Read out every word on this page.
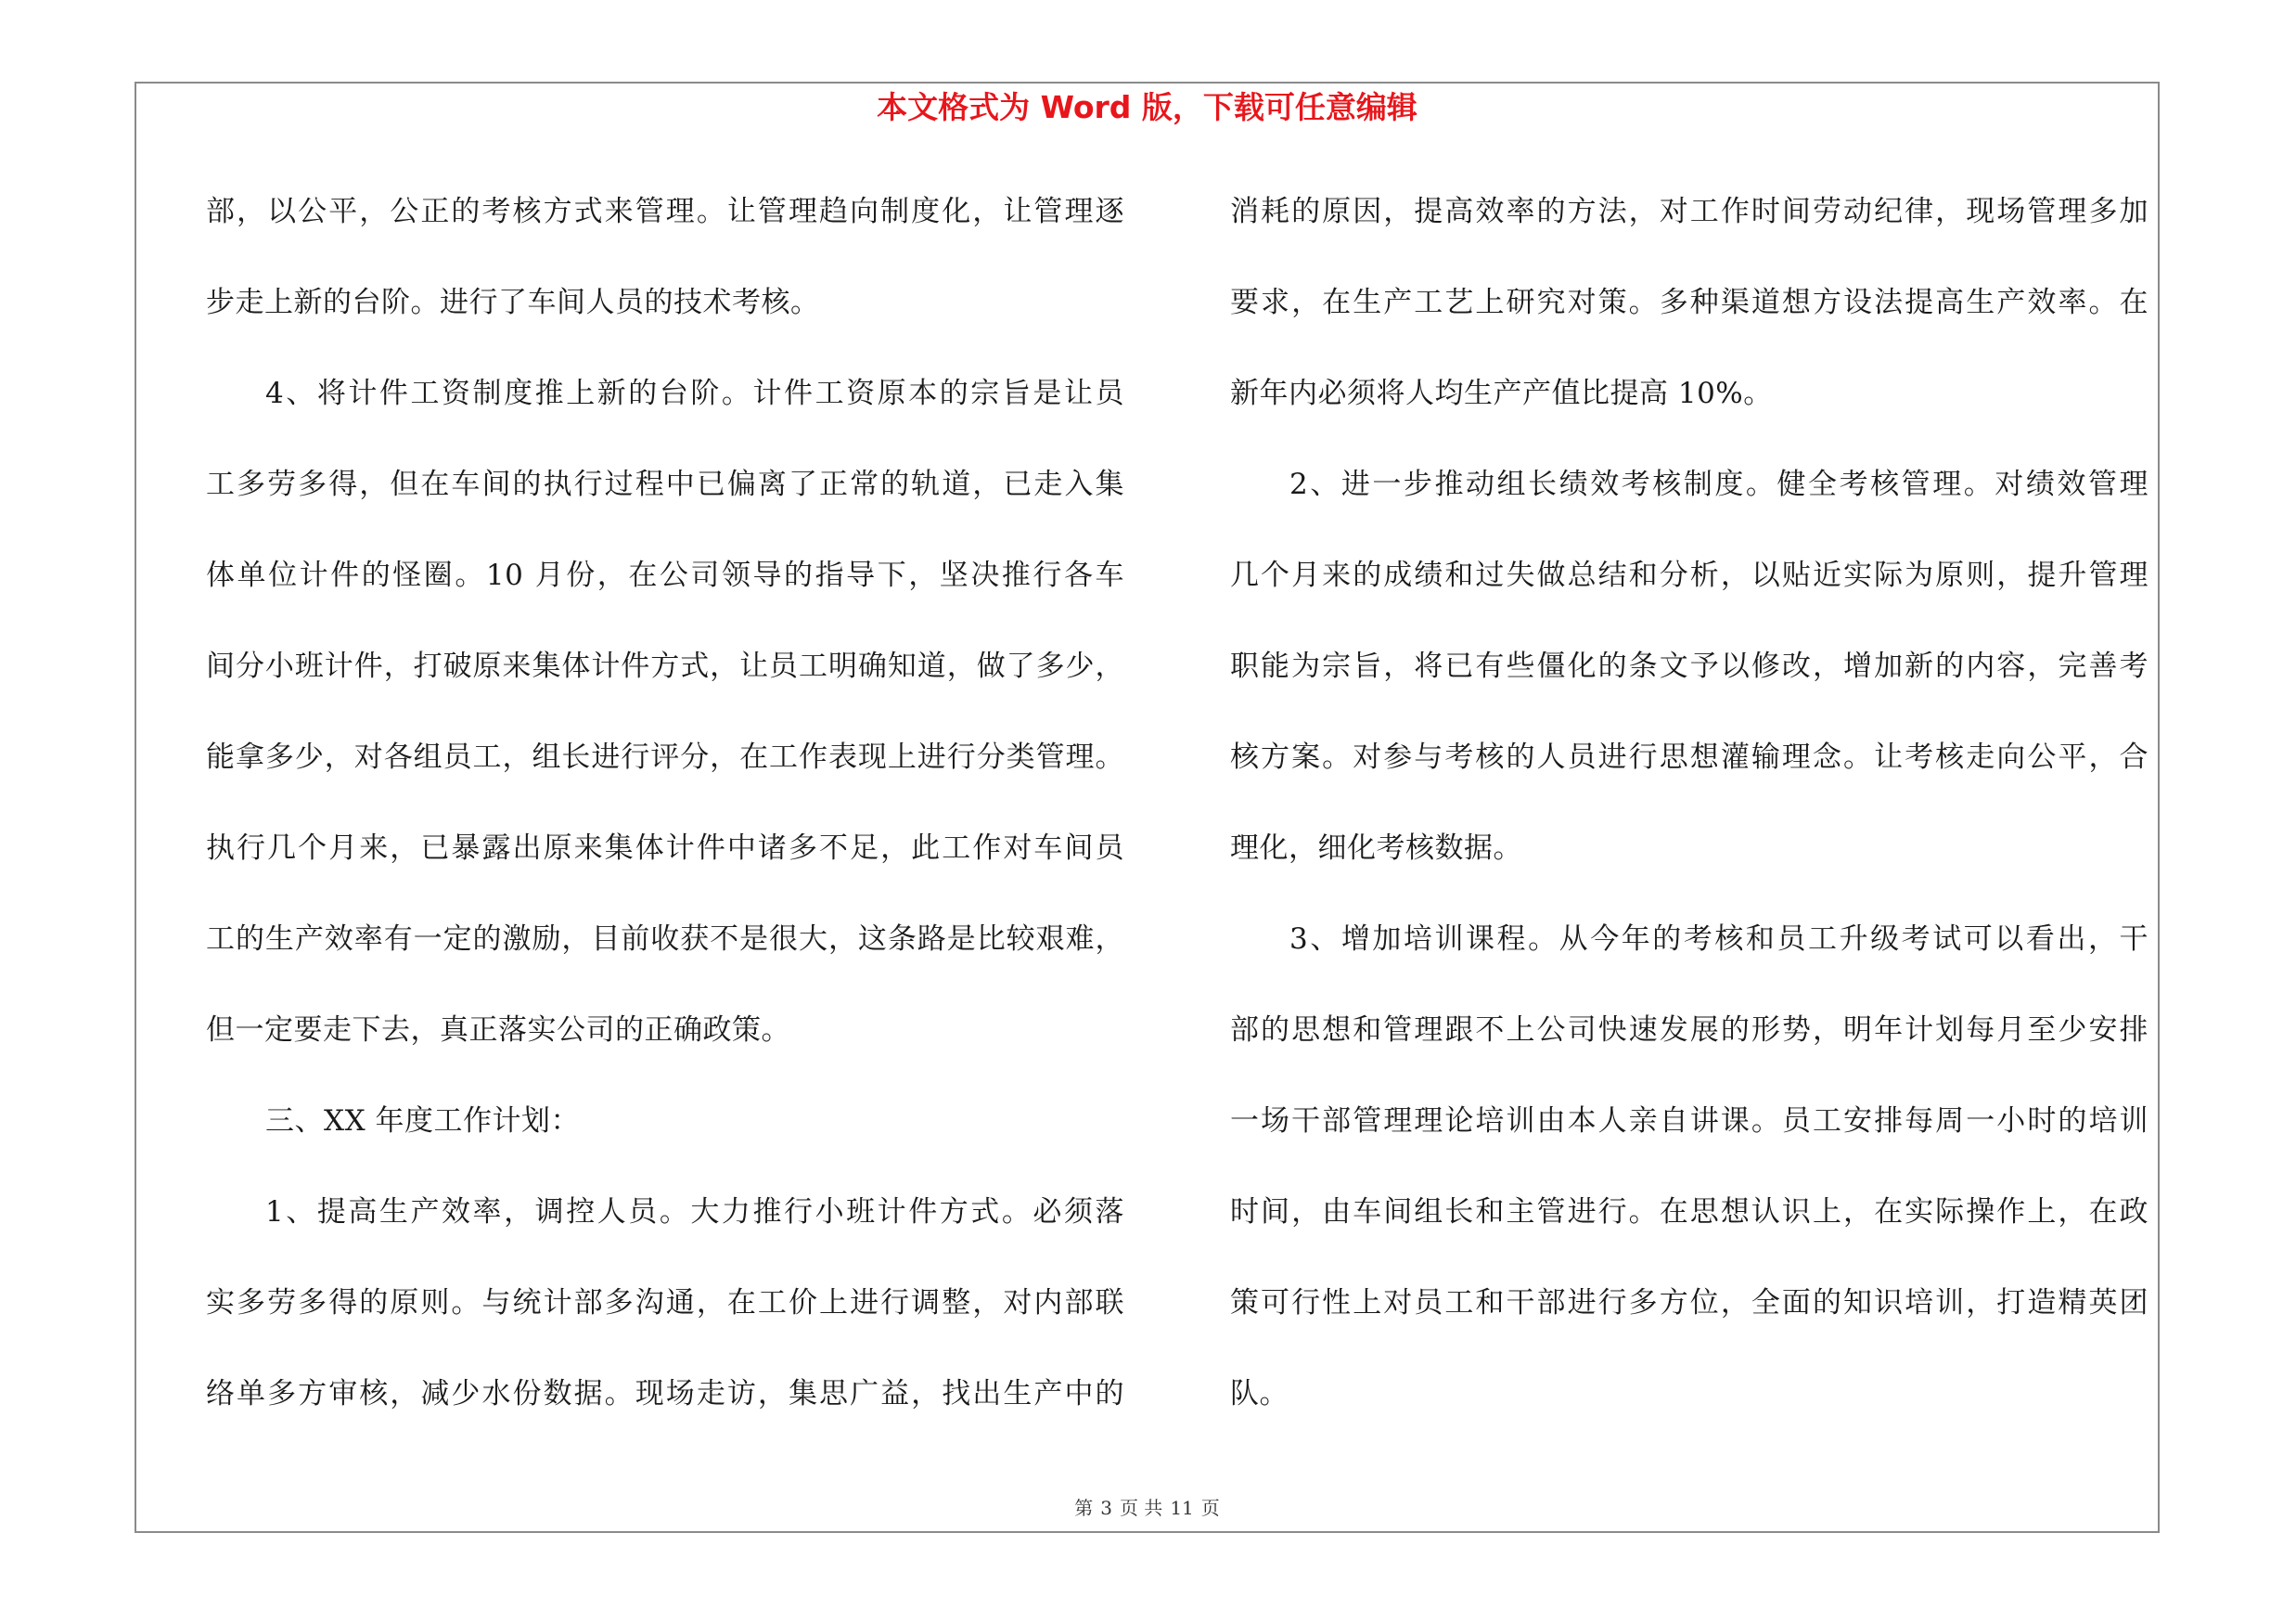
本文格式为 Word 版，下载可任意编辑
部，以公平，公正的考核方式来管理。让管理趋向制度化，让管理逐
步走上新的台阶。进行了车间人员的技术考核。
4、将计件工资制度推上新的台阶。计件工资原本的宗旨是让员
工多劳多得，但在车间的执行过程中已偏离了正常的轨道，已走入集
体单位计件的怪圈。10 月份，在公司领导的指导下，坚决推行各车
间分小班计件，打破原来集体计件方式，让员工明确知道，做了多少，
能拿多少，对各组员工，组长进行评分，在工作表现上进行分类管理。
执行几个月来，已暴露出原来集体计件中诸多不足，此工作对车间员
工的生产效率有一定的激励，目前收获不是很大，这条路是比较艰难，
但一定要走下去，真正落实公司的正确政策。
三、XX 年度工作计划：
1、提高生产效率，调控人员。大力推行小班计件方式。必须落
实多劳多得的原则。与统计部多沟通，在工价上进行调整，对内部联
络单多方审核，减少水份数据。现场走访，集思广益，找出生产中的
消耗的原因，提高效率的方法，对工作时间劳动纪律，现场管理多加
要求，在生产工艺上研究对策。多种渠道想方设法提高生产效率。在
新年内必须将人均生产产值比提高 10%。
2、进一步推动组长绩效考核制度。健全考核管理。对绩效管理
几个月来的成绩和过失做总结和分析，以贴近实际为原则，提升管理
职能为宗旨，将已有些僵化的条文予以修改，增加新的内容，完善考
核方案。对参与考核的人员进行思想灌输理念。让考核走向公平，合
理化，细化考核数据。
3、增加培训课程。从今年的考核和员工升级考试可以看出，干
部的思想和管理跟不上公司快速发展的形势，明年计划每月至少安排
一场干部管理理论培训由本人亲自讲课。员工安排每周一小时的培训
时间，由车间组长和主管进行。在思想认识上，在实际操作上，在政
策可行性上对员工和干部进行多方位，全面的知识培训，打造精英团
队。
第 3 页 共 11 页
